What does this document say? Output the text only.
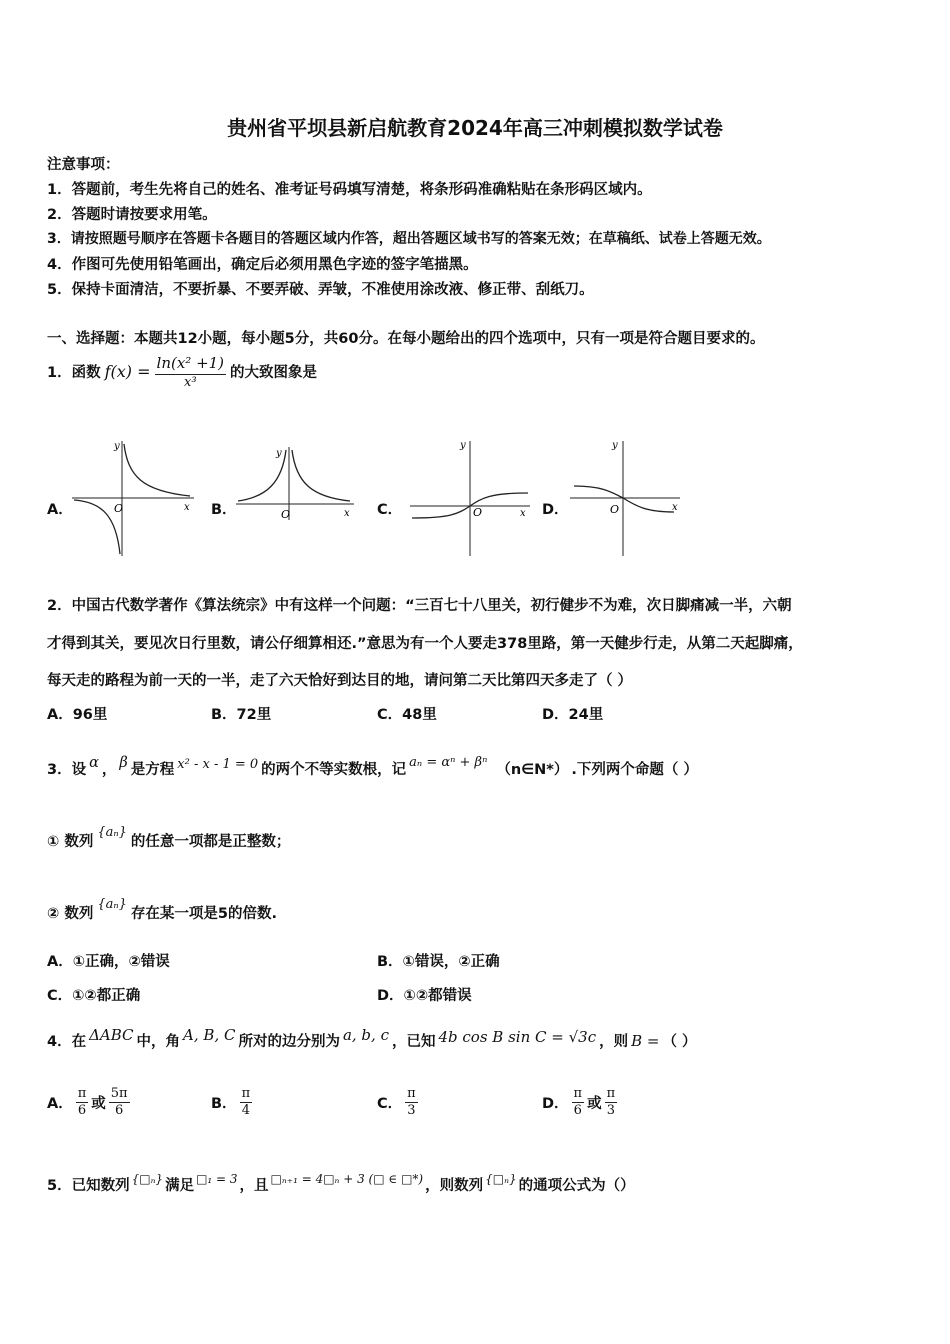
贵州省平坝县新启航教育2024年高三冲刺模拟数学试卷
注意事项：
1．答题前，考生先将自己的姓名、准考证号码填写清楚，将条形码准确粘贴在条形码区域内。
2．答题时请按要求用笔。
3．请按照题号顺序在答题卡各题目的答题区域内作答，超出答题区域书写的答案无效；在草稿纸、试卷上答题无效。
4．作图可先使用铅笔画出，确定后必须用黑色字迹的签字笔描黑。
5．保持卡面清洁，不要折暴、不要弄破、弄皱，不准使用涂改液、修正带、刮纸刀。
一、选择题：本题共12小题，每小题5分，共60分。在每小题给出的四个选项中，只有一项是符合题目要求的。
1．函数 $f(x) = \frac{\text{ln(x² +1)}}{\text{x³}}$ 的大致图象是
A．
y
x
O	B．
y
x
O	C．
y
x
O	D．
y
x
O
2．中国古代数学著作《算法统宗》中有这样一个问题：“三百七十八里关，初行健步不为难，次日脚痛减一半，六朝
才得到其关，要见次日行里数，请公仔细算相还.”意思为有一个人要走378里路，第一天健步行走，从第二天起脚痛，
每天走的路程为前一天的一半，走了六天恰好到达目的地，请问第二天比第四天多走了（ ）
A．96里	B．72里	C．48里	D．24里
3．设 α ， β 是方程 x² - x - 1 = 0 的两个不等实数根，记 aₙ = αⁿ + βⁿ （n∈N*） .下列两个命题（ ）
① 数列
{aₙ}
的任意一项都是正整数；
② 数列
{aₙ}
存在某一项是5的倍数.
A．①正确，②错误	B．①错误，②正确
C．①②都正确	D．①②都错误
4．在 ΔABC 中，角 A, B, C 所对的边分别为 a, b, c ，已知 4b cos B sin C = √3c ，则 B = （ ）
A． $\frac{\pi}{6}$ 或 $\frac{5\pi}{6}$	B． $\frac{\pi}{4}$	C． $\frac{\pi}{3}$	D． $\frac{\pi}{6}$ 或 $\frac{\pi}{3}$
5．已知数列 {□ₙ} 满足 □₁ = 3 ，且 □ₙ₊₁ = 4□ₙ + 3 (□ ∈ □*) ，则数列 {□ₙ} 的通项公式为（）
